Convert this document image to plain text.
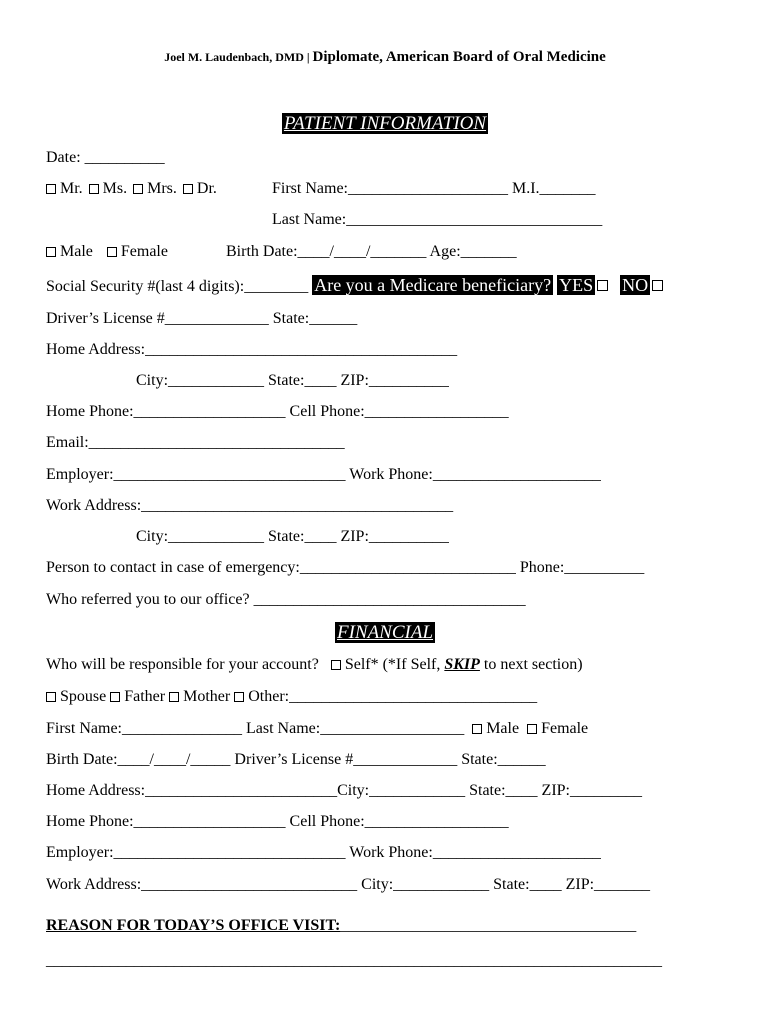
Joel M. Laudenbach, DMD | Diplomate, American Board of Oral Medicine
PATIENT INFORMATION
Date: __________
Mr. Ms. Mrs. Dr.	First Name:____________________ M.I._______
Last Name:________________________________
Male Female	Birth Date:____/____/_______ Age:_______
Social Security #(last 4 digits):________ Are you a Medicare beneficiary? YES NO
Driver’s License #_____________ State:______
Home Address:_______________________________________
City:____________ State:____ ZIP:__________
Home Phone:___________________ Cell Phone:__________________
Email:________________________________
Employer:_____________________________ Work Phone:_____________________
Work Address:_______________________________________
City:____________ State:____ ZIP:__________
Person to contact in case of emergency:___________________________ Phone:__________
Who referred you to our office? __________________________________
FINANCIAL
Who will be responsible for your account?   Self* (*If Self, SKIP to next section)
Spouse Father Mother Other:_______________________________
First Name:_______________ Last Name:__________________  Male Female
Birth Date:____/____/_____ Driver’s License #_____________ State:______
Home Address:________________________City:____________ State:____ ZIP:_________
Home Phone:___________________ Cell Phone:__________________
Employer:_____________________________ Work Phone:_____________________
Work Address:___________________________ City:____________ State:____ ZIP:_______
REASON FOR TODAY’S OFFICE VISIT:_____________________________________
_____________________________________________________________________________
